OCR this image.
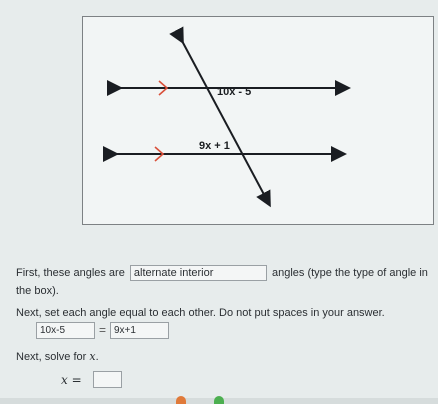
10x - 5
9x + 1
First, these angles are alternate interior	angles (type the type of angle in
the box).
Next, set each angle equal to each other. Do not put spaces in your answer.
10x-5
=
9x+1
Next, solve for x.
x =
